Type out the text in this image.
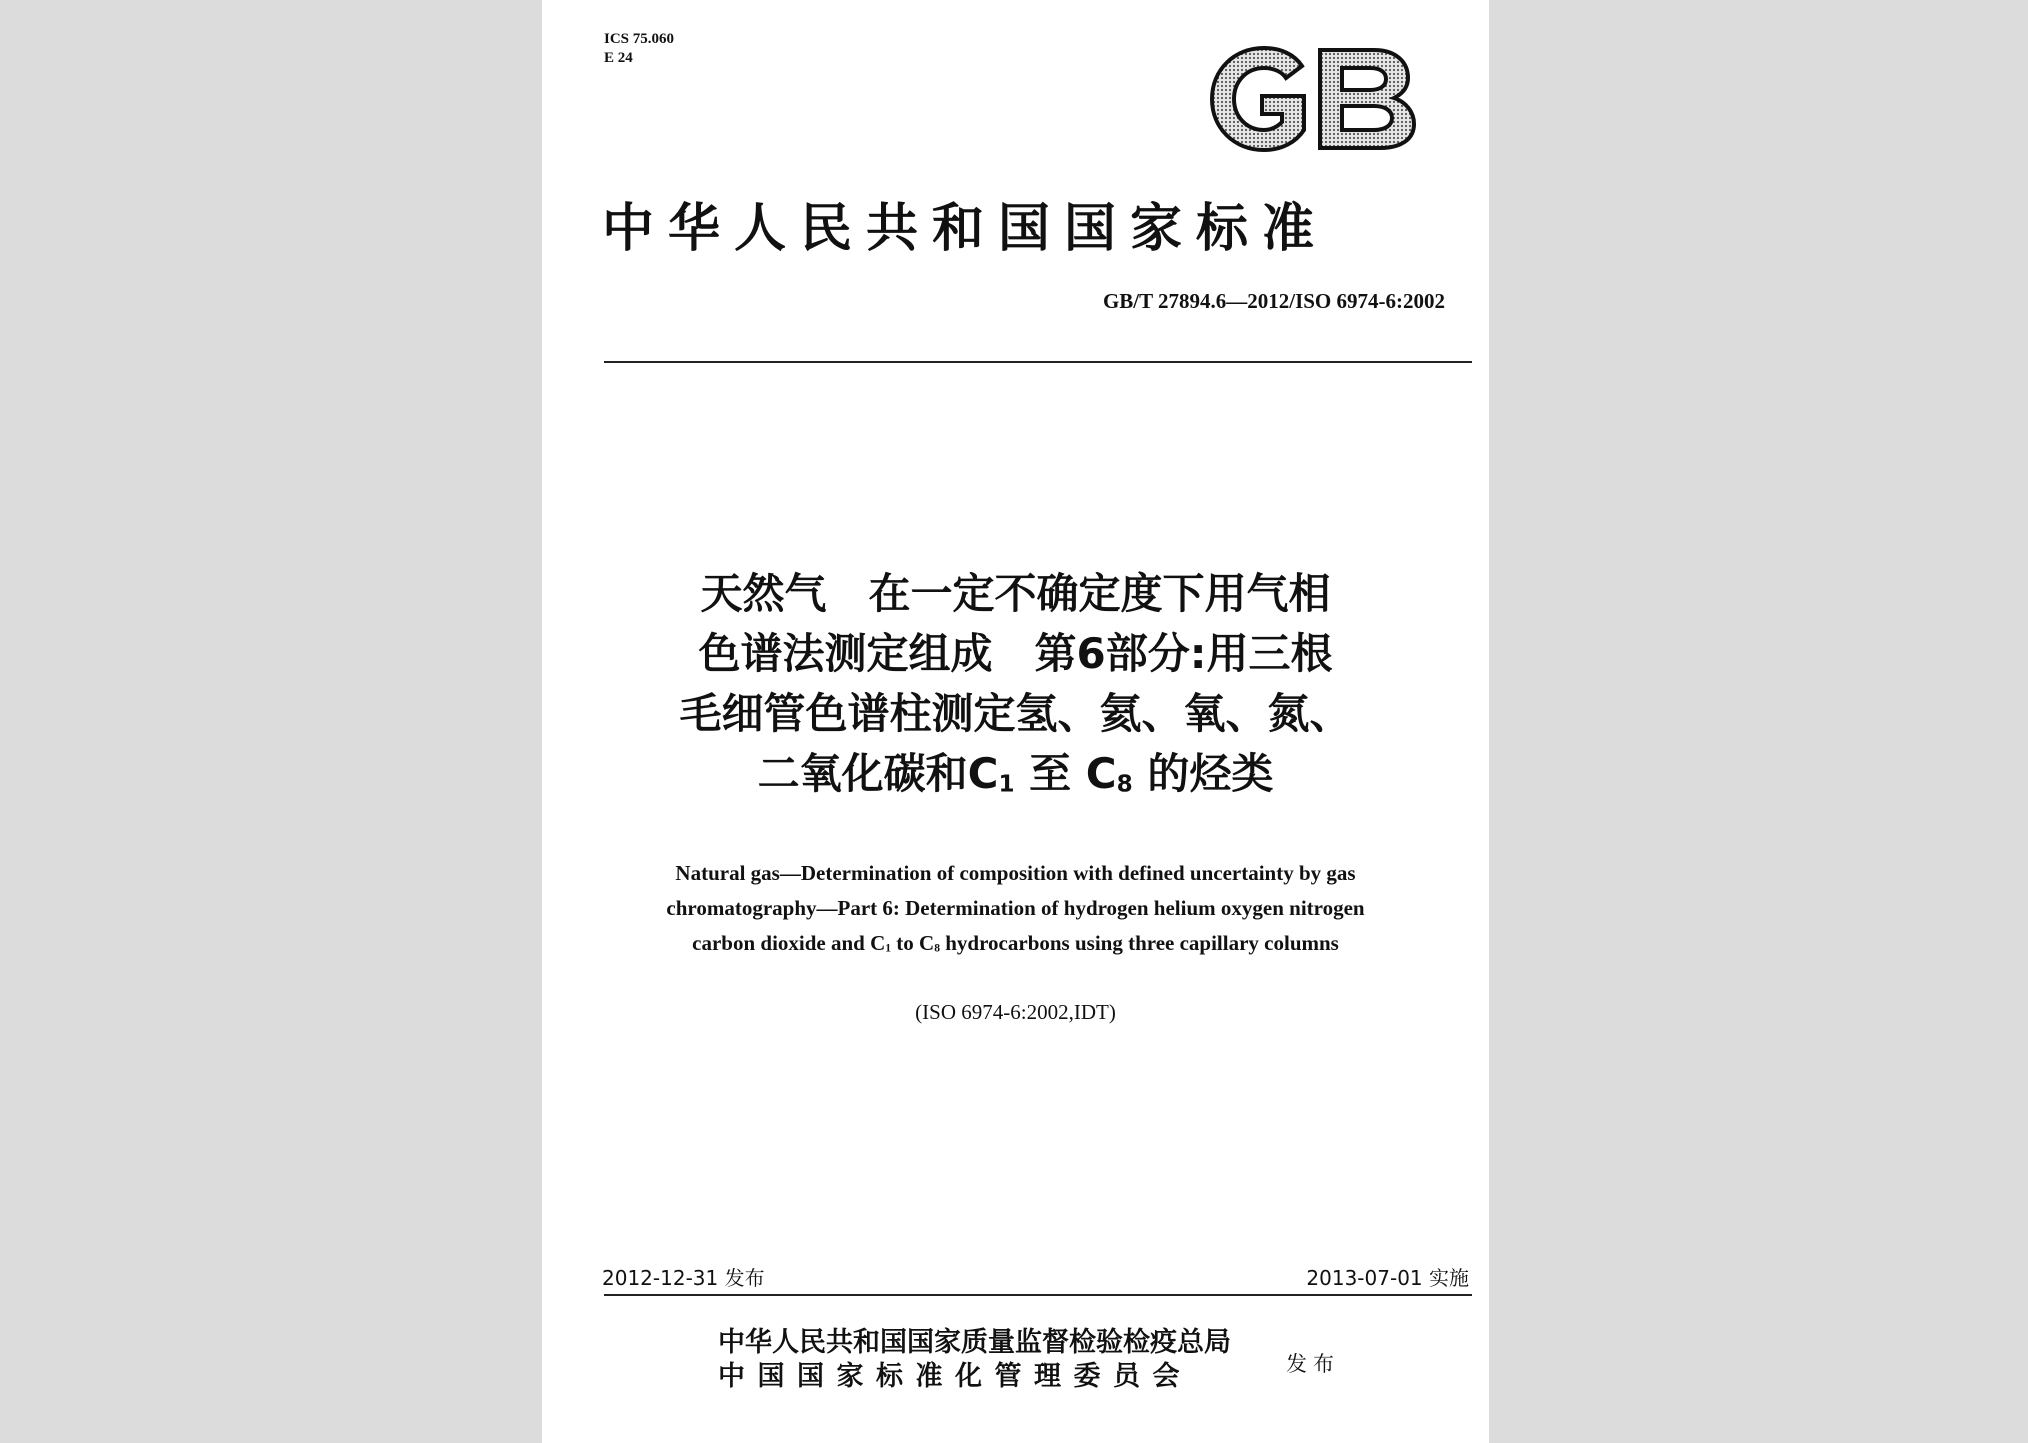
ICS 75.060
E 24
中华人民共和国国家标准
GB/T 27894.6—2012/ISO 6974-6:2002
天然气　在一定不确定度下用气相
色谱法测定组成　第6部分:用三根
毛细管色谱柱测定氢、氦、氧、氮、
二氧化碳和$C_1$ 至 $C_8$ 的烃类
Natural gas—Determination of composition with defined uncertainty by gas
chromatography—Part 6: Determination of hydrogen helium oxygen nitrogen
carbon dioxide and $C_1$ to $C_8$ hydrocarbons using three capillary columns
(ISO 6974-6:2002,IDT)
2012-12-31 发布	2013-07-01 实施
中华人民共和国国家质量监督检验检疫总局
中国国家标准化管理委员会	发布
